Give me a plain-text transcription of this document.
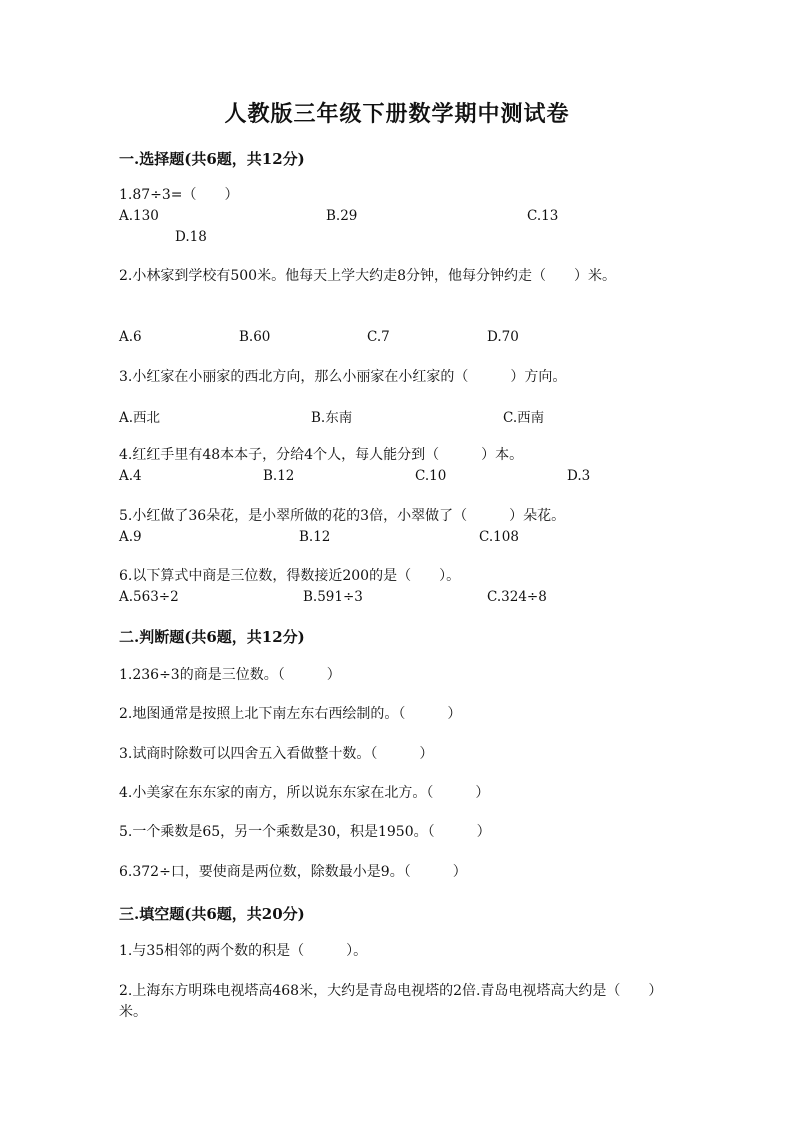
人教版三年级下册数学期中测试卷
一.选择题(共6题，共12分)
1.87÷3=（　　）
A.130	B.29	C.13
D.18
2.小林家到学校有500米。他每天上学大约走8分钟，他每分钟约走（　　）米。
A.6	B.60	C.7	D.70
3.小红家在小丽家的西北方向，那么小丽家在小红家的（　　　）方向。
A.西北	B.东南	C.西南
4.红红手里有48本本子，分给4个人，每人能分到（　　　）本。
A.4	B.12	C.10	D.3
5.小红做了36朵花，是小翠所做的花的3倍，小翠做了（　　　）朵花。
A.9	B.12	C.108
6.以下算式中商是三位数，得数接近200的是（　　）。
A.563÷2	B.591÷3	C.324÷8
二.判断题(共6题，共12分)
1.236÷3的商是三位数。（　　　）
2.地图通常是按照上北下南左东右西绘制的。（　　　）
3.试商时除数可以四舍五入看做整十数。（　　　）
4.小美家在东东家的南方，所以说东东家在北方。（　　　）
5.一个乘数是65，另一个乘数是30，积是1950。（　　　）
6.372÷口，要使商是两位数，除数最小是9。（　　　）
三.填空题(共6题，共20分)
1.与35相邻的两个数的积是（　　　）。
2.上海东方明珠电视塔高468米，大约是青岛电视塔的2倍.青岛电视塔高大约是（　　）米。
